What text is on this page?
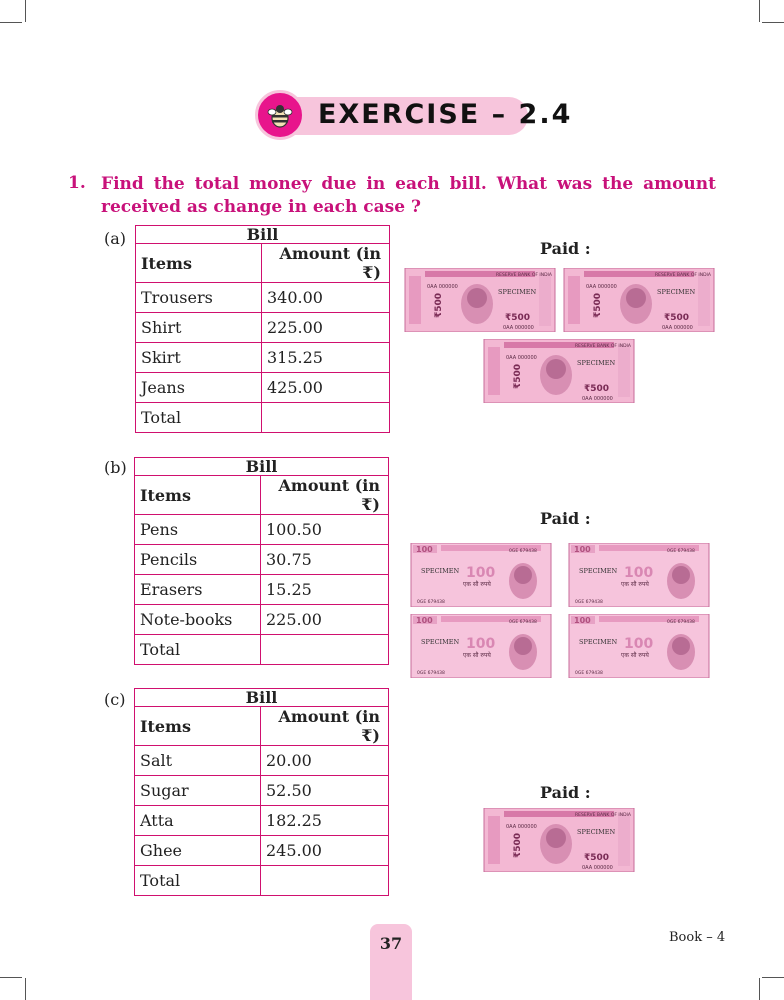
EXERCISE – 2.4
1. Find the total money due in each bill. What was the amount received as change in each case ?
(a)	Bill	
Items	Amount (in ₹)
Trousers	340.00
Shirt	225.00
Skirt	315.25
Jeans	425.00
Total	
Paid :
(b)	Bill	
Items	Amount (in ₹)
Pens	100.50
Pencils	30.75
Erasers	15.25
Note-books	225.00
Total	
Paid :
(c)	Bill	
Items	Amount (in ₹)
Salt	20.00
Sugar	52.50
Atta	182.25
Ghee	245.00
Total	
Paid :
0AA 000000
RESERVE BANK OF INDIA
SPECIMEN
₹500
0AA 000000
₹500
0AA 000000
RESERVE BANK OF INDIA
SPECIMEN
₹500
0AA 000000
₹500
0AA 000000
RESERVE BANK OF INDIA
SPECIMEN
₹500
0AA 000000
₹500
100
100
SPECIMEN
एक सौ रुपये
0GE 679438
0GE 679438
100
100
SPECIMEN
एक सौ रुपये
0GE 679438
0GE 679438
100
100
SPECIMEN
एक सौ रुपये
0GE 679438
0GE 679438
100
100
SPECIMEN
एक सौ रुपये
0GE 679438
0GE 679438
0AA 000000
RESERVE BANK OF INDIA
SPECIMEN
₹500
0AA 000000
₹500
37	Book – 4
